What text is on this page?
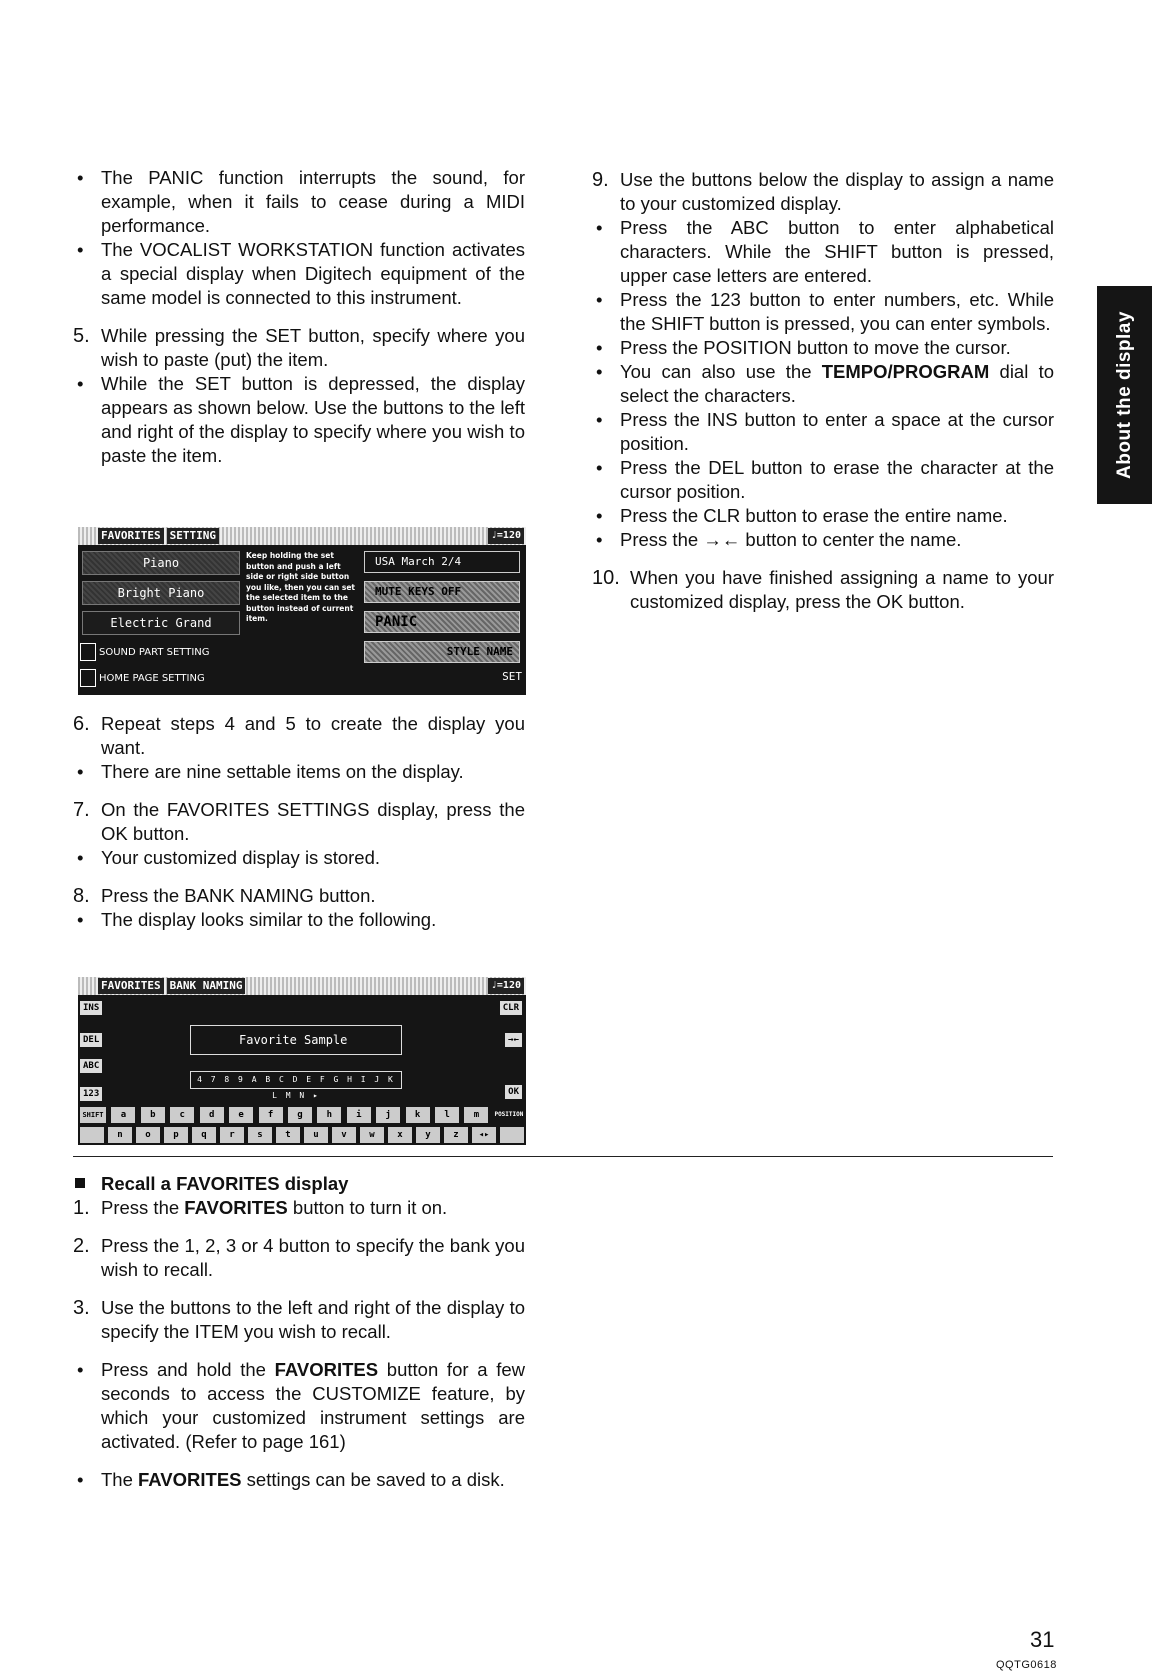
• The PANIC function interrupts the sound, for example, when it fails to cease during a MIDI performance.

• The VOCALIST WORKSTATION function activates a special display when Digitech equipment of the same model is connected to this instrument.

5. While pressing the SET button, specify where you wish to paste (put) the item.

• While the SET button is depressed, the display appears as shown below. Use the buttons to the left and right of the display to specify where you wish to paste the item.

FAVORITES SETTING	♩=120
Piano
Bright Piano
Electric Grand
Keep holding the set button and push a left side or right side button you like, then you can set the selected item to the button instead of current item.
USA March 2/4
MUTE KEYS OFF
PANIC
STYLE NAME
SOUND PART SETTING
HOME PAGE SETTING	SET

6. Repeat steps 4 and 5 to create the display you want.

• There are nine settable items on the display.

7. On the FAVORITES SETTINGS display, press the OK button.

• Your customized display is stored.

8. Press the BANK NAMING button.

• The display looks similar to the following.

FAVORITES BANK NAMING	♩=120
INS
DEL
ABC
123
CLR
→←
OK
Favorite Sample
4 7 8 9 A B C D E F G H I J K L M N ▸
SHIFT	a	b	c	d	e	f	g	h	i	j	k	l	m	POSITION
n	o	p	q	r	s	t	u	v	w	x	y	z	◂▸

Recall a FAVORITES display

1. Press the FAVORITES button to turn it on.

2. Press the 1, 2, 3 or 4 button to specify the bank you wish to recall.

3. Use the buttons to the left and right of the display to specify the ITEM you wish to recall.

• Press and hold the FAVORITES button for a few seconds to access the CUSTOMIZE feature, by which your customized instrument settings are activated. (Refer to page 161)

• The FAVORITES settings can be saved to a disk.

9. Use the buttons below the display to assign a name to your customized display.

• Press the ABC button to enter alphabetical characters. While the SHIFT button is pressed, upper case letters are entered.

• Press the 123 button to enter numbers, etc. While the SHIFT button is pressed, you can enter symbols.

• Press the POSITION button to move the cursor.

• You can also use the TEMPO/PROGRAM dial to select the characters.

• Press the INS button to enter a space at the cursor position.

• Press the DEL button to erase the character at the cursor position.

• Press the CLR button to erase the entire name.

• Press the →← button to center the name.

10. When you have finished assigning a name to your customized display, press the OK button.

About the display
31
QQTG0618
